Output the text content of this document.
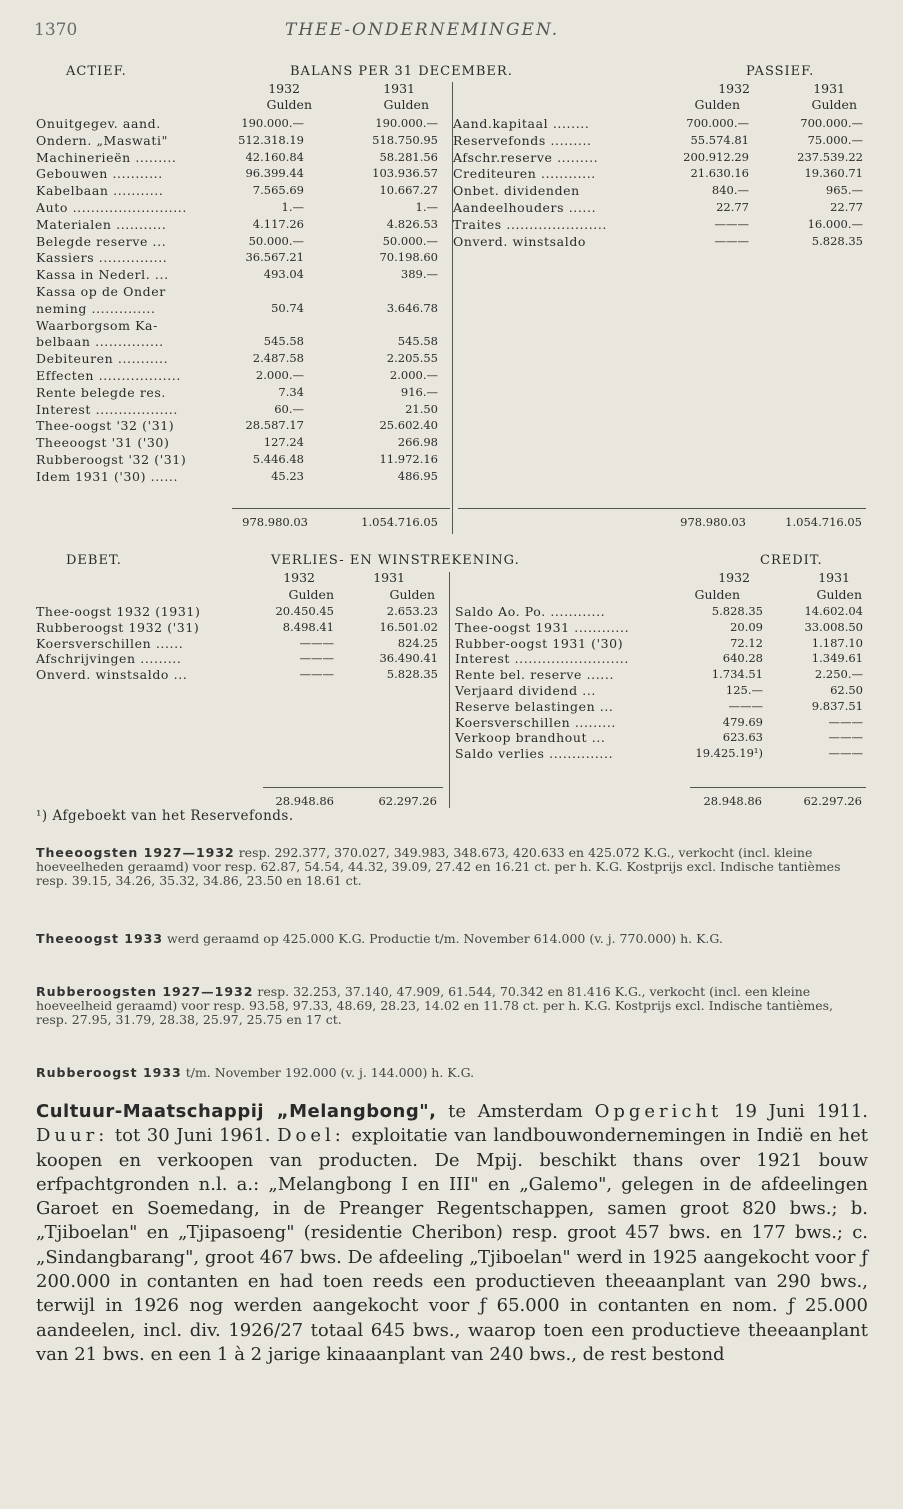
1370	THEE-ONDERNEMINGEN.
ACTIEF.	BALANS PER 31 DECEMBER.	PASSIEF.
1932	1931
Gulden	Gulden
1932	1931
Gulden	Gulden
Onuitgegev. aand.	190.000.—	190.000.—
Ondern. „Maswati"	512.318.19	518.750.95
Machinerieën .........	42.160.84	58.281.56
Gebouwen ...........	96.399.44	103.936.57
Kabelbaan ...........	7.565.69	10.667.27
Auto .........................	1.—	1.—
Materialen ...........	4.117.26	4.826.53
Belegde reserve ...	50.000.—	50.000.—
Kassiers ...............	36.567.21	70.198.60
Kassa in Nederl. ...	493.04	389.—
Kassa op de Onder
neming ..............	50.74	3.646.78
Waarborgsom Ka-
belbaan ...............	545.58	545.58
Debiteuren ...........	2.487.58	2.205.55
Effecten ..................	2.000.—	2.000.—
Rente belegde res.	7.34	916.—
Interest ..................	60.—	21.50
Thee-oogst '32 ('31)	28.587.17	25.602.40
Theeoogst '31 ('30)	127.24	266.98
Rubberoogst '32 ('31)	5.446.48	11.972.16
Idem 1931 ('30) ......	45.23	486.95
Aand.kapitaal ........	700.000.—	700.000.—
Reservefonds .........	55.574.81	75.000.—
Afschr.reserve .........	200.912.29	237.539.22
Crediteuren ............	21.630.16	19.360.71
Onbet. dividenden	840.—	965.—
Aandeelhouders ......	22.77	22.77
Traites ......................	———	16.000.—
Onverd. winstsaldo	———	5.828.35
978.980.03	1.054.716.05	978.980.03	1.054.716.05
DEBET.	VERLIES- EN WINSTREKENING.	CREDIT.
1932	1931
Gulden	Gulden
1932	1931
Gulden	Gulden
Thee-oogst 1932 (1931)	20.450.45	2.653.23
Rubberoogst 1932 ('31)	8.498.41	16.501.02
Koersverschillen ......	———	824.25
Afschrijvingen .........	———	36.490.41
Onverd. winstsaldo ...	———	5.828.35
Saldo Ao. Po. ............	5.828.35	14.602.04
Thee-oogst 1931 ............	20.09	33.008.50
Rubber-oogst 1931 ('30)	72.12	1.187.10
Interest .........................	640.28	1.349.61
Rente bel. reserve ......	1.734.51	2.250.—
Verjaard dividend ...	125.—	62.50
Reserve belastingen ...	———	9.837.51
Koersverschillen .........	479.69	———
Verkoop brandhout ...	623.63	———
Saldo verlies ..............	19.425.19¹)	———
28.948.86	62.297.26	28.948.86	62.297.26
¹) Afgeboekt van het Reservefonds.
Theeoogsten 1927—1932 resp. 292.377, 370.027, 349.983, 348.673, 420.633 en 425.072 K.G., verkocht (incl. kleine hoeveelheden geraamd) voor resp. 62.87, 54.54, 44.32, 39.09, 27.42 en 16.21 ct. per h. K.G. Kostprijs excl. Indische tantièmes resp. 39.15, 34.26, 35.32, 34.86, 23.50 en 18.61 ct.
Theeoogst 1933 werd geraamd op 425.000 K.G. Productie t/m. November 614.000 (v. j. 770.000) h. K.G.
Rubberoogsten 1927—1932 resp. 32.253, 37.140, 47.909, 61.544, 70.342 en 81.416 K.G., verkocht (incl. een kleine hoeveelheid geraamd) voor resp. 93.58, 97.33, 48.69, 28.23, 14.02 en 11.78 ct. per h. K.G. Kostprijs excl. Indische tantièmes, resp. 27.95, 31.79, 28.38, 25.97, 25.75 en 17 ct.
Rubberoogst 1933 t/m. November 192.000 (v. j. 144.000) h. K.G.
Cultuur-Maatschappij „Melangbong", te Amsterdam Opgericht 19 Juni 1911. Duur: tot 30 Juni 1961. Doel: exploitatie van landbouwondernemingen in Indië en het koopen en verkoopen van producten. De Mpij. beschikt thans over 1921 bouw erfpachtgronden n.l. a.: „Melangbong I en III" en „Galemo", gelegen in de afdeelingen Garoet en Soemedang, in de Preanger Regentschappen, samen groot 820 bws.; b. „Tjiboelan" en „Tjipasoeng" (residentie Cheribon) resp. groot 457 bws. en 177 bws.; c. „Sindangbarang", groot 467 bws. De afdeeling „Tjiboelan" werd in 1925 aangekocht voor ƒ 200.000 in contanten en had toen reeds een productieven theeaanplant van 290 bws., terwijl in 1926 nog werden aangekocht voor ƒ 65.000 in contanten en nom. ƒ 25.000 aandeelen, incl. div. 1926/27 totaal 645 bws., waarop toen een productieve theeaanplant van 21 bws. en een 1 à 2 jarige kinaaanplant van 240 bws., de rest bestond
